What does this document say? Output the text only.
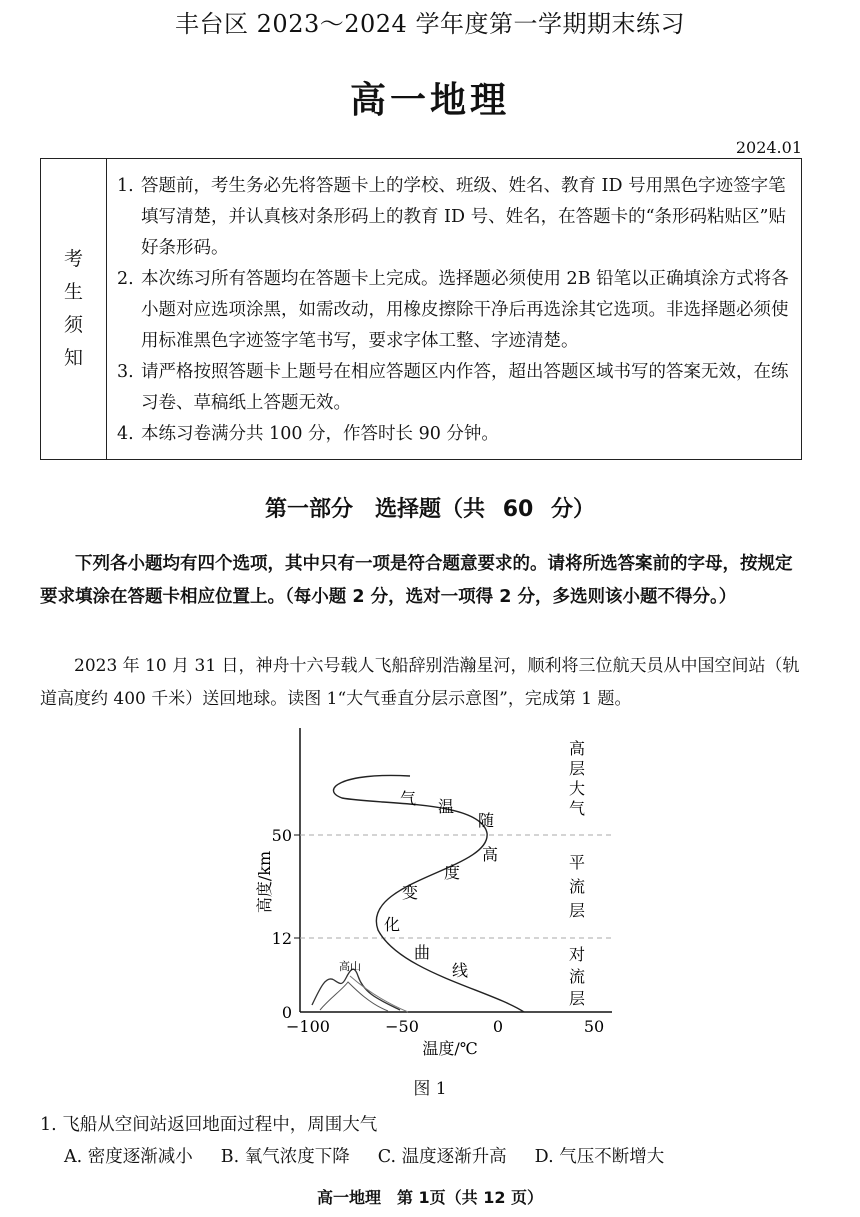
丰台区 2023～2024 学年度第一学期期末练习
高一地理
2024.01
考
生
须
知
1. 答题前，考生务必先将答题卡上的学校、班级、姓名、教育 ID 号用黑色字迹签字笔填写清楚，并认真核对条形码上的教育 ID 号、姓名，在答题卡的“条形码粘贴区”贴好条形码。
2. 本次练习所有答题均在答题卡上完成。选择题必须使用 2B 铅笔以正确填涂方式将各小题对应选项涂黑，如需改动，用橡皮擦除干净后再选涂其它选项。非选择题必须使用标准黑色字迹签字笔书写，要求字体工整、字迹清楚。
3. 请严格按照答题卡上题号在相应答题区内作答，超出答题区域书写的答案无效，在练习卷、草稿纸上答题无效。
4. 本练习卷满分共 100 分，作答时长 90 分钟。
第一部分　选择题（共 60 分）
下列各小题均有四个选项，其中只有一项是符合题意要求的。请将所选答案前的字母，按规定要求填涂在答题卡相应位置上。（每小题 2 分，选对一项得 2 分，多选则该小题不得分。）
2023 年 10 月 31 日，神舟十六号载人飞船辞别浩瀚星河，顺利将三位航天员从中国空间站（轨道高度约 400 千米）送回地球。读图 1“大气垂直分层示意图”，完成第 1 题。
50
12
0
−100	−50	0	50
高度/km
温度/℃
高山
气 温
随
高
度
变
化
曲
线
高
层
大
气
平
流
层
对
流
层
图 1
1. 飞船从空间站返回地面过程中，周围大气
A. 密度逐渐减小 B. 氧气浓度下降 C. 温度逐渐升高 D. 气压不断增大
高一地理　第 1页（共 12 页）
